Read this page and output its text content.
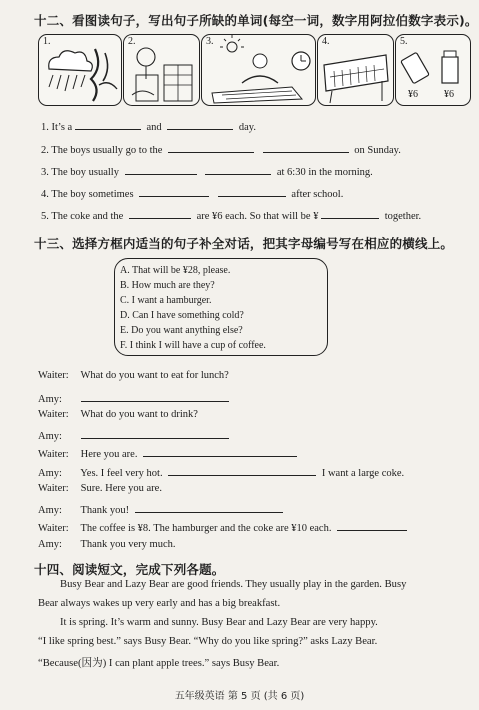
十二、看图读句子，写出句子所缺的单词(每空一词，数字用阿拉伯数字表示)。
1.	2.	3.	4.	5.
¥6	¥6
1. It’s a	and	day.
2. The boys usually go to the	on Sunday.
3. The boy usually	at 6:30 in the morning.
4. The boy sometimes	after school.
5. The coke and the	are ¥6 each. So that will be ¥	together.
十三、选择方框内适当的句子补全对话，把其字母编号写在相应的横线上。
A. That will be ¥28, please.
B. How much are they?
C. I want a hamburger.
D. Can I have something cold?
E. Do you want anything else?
F. I think I will have a cup of coffee.
Waiter: What do you want to eat for lunch?
Amy:
Waiter: What do you want to drink?
Amy:
Waiter: Here you are.
Amy: Yes. I feel very hot.	I want a large coke.
Waiter: Sure. Here you are.
Amy: Thank you!
Waiter: The coffee is ¥8. The hamburger and the coke are ¥10 each.
Amy: Thank you very much.
十四、阅读短文，完成下列各题。
Busy Bear and Lazy Bear are good friends. They usually play in the garden. Busy
Bear always wakes up very early and has a big breakfast.
It is spring. It’s warm and sunny. Busy Bear and Lazy Bear are very happy.
“I like spring best.” says Busy Bear. “Why do you like spring?” asks Lazy Bear.
“Because(因为) I can plant apple trees.” says Busy Bear.
五年级英语 第 5 页 (共 6 页)
